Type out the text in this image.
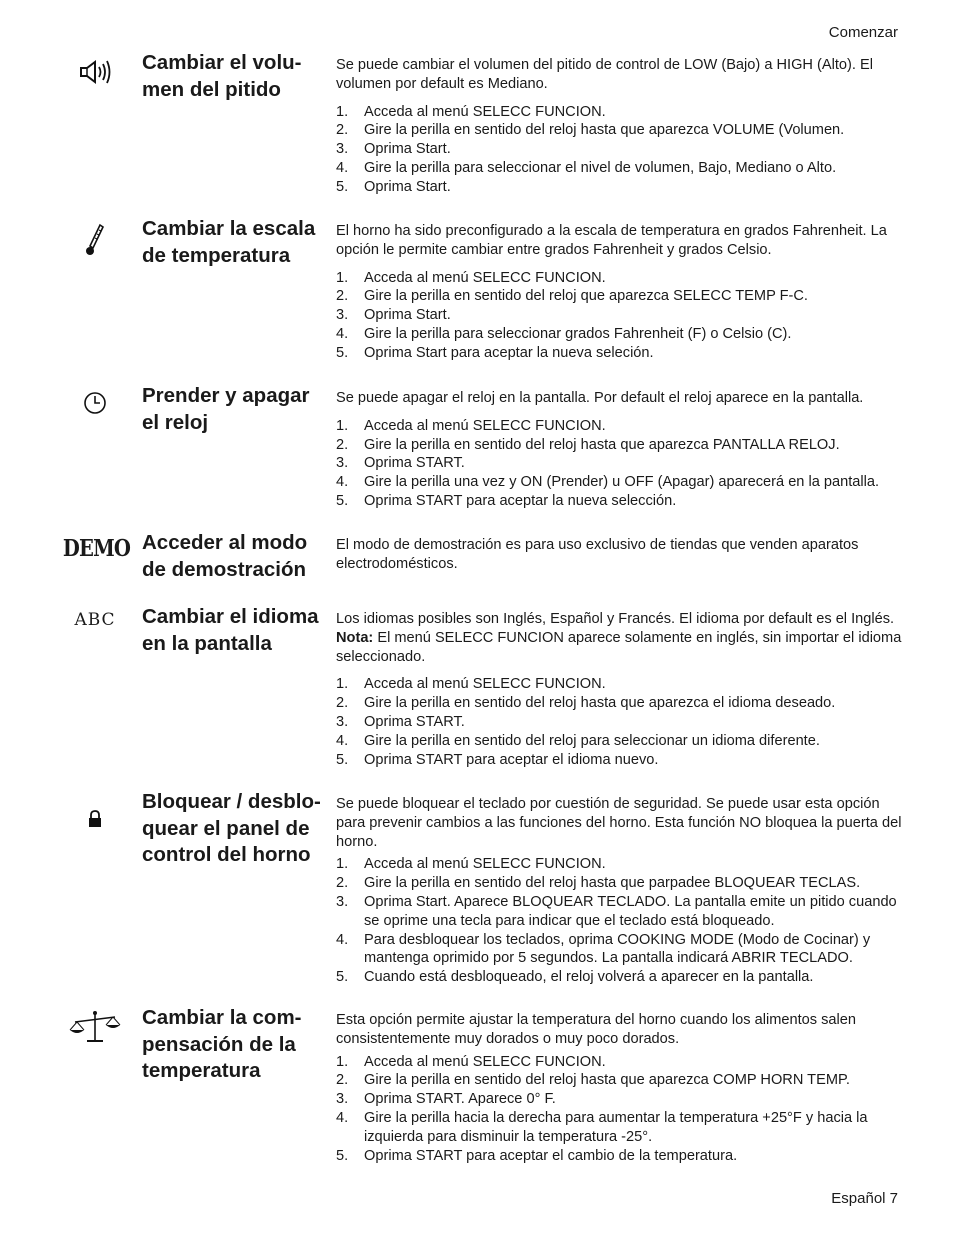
Comenzar
Cambiar el volu-
men del pitido

Se puede cambiar el volumen del pitido de control de LOW (Bajo) a HIGH (Alto). El volumen por default es Mediano.

1. Acceda al menú SELECC FUNCION.
2. Gire la perilla en sentido del reloj hasta que aparezca VOLUME (Volumen.
3. Oprima Start.
4. Gire la perilla para seleccionar el nivel de volumen, Bajo, Mediano o Alto.
5. Oprima Start.
Cambiar la escala
de temperatura

El horno ha sido preconfigurado a la escala de temperatura en grados Fahrenheit. La opción le permite cambiar entre grados Fahrenheit y grados Celsio.

1. Acceda al menú SELECC FUNCION.
2. Gire la perilla en sentido del reloj que aparezca SELECC TEMP F-C.
3. Oprima Start.
4. Gire la perilla para seleccionar grados Fahrenheit (F) o Celsio (C).
5. Oprima Start para aceptar la nueva seleción.
Prender y apagar
el reloj

Se puede apagar el reloj en la pantalla. Por default el reloj aparece en la pantalla.

1. Acceda al menú SELECC FUNCION.
2. Gire la perilla en sentido del reloj hasta que aparezca PANTALLA RELOJ.
3. Oprima START.
4. Gire la perilla una vez y ON (Prender) u OFF (Apagar) aparecerá en la pantalla.
5. Oprima START para aceptar la nueva selección.
DEMO Acceder al modo
de demostración

El modo de demostración es para uso exclusivo de tiendas que venden aparatos electrodomésticos.

ABC Cambiar el idioma
en la pantalla

Los idiomas posibles son Inglés, Español y Francés. El idioma por default es el Inglés. Nota: El menú SELECC FUNCION aparece solamente en inglés, sin importar el idioma seleccionado.

1. Acceda al menú SELECC FUNCION.
2. Gire la perilla en sentido del reloj hasta que aparezca el idioma deseado.
3. Oprima START.
4. Gire la perilla en sentido del reloj para seleccionar un idioma diferente.
5. Oprima START para aceptar el idioma nuevo.
Bloquear / desblo-
quear el panel de
control del horno

Se puede bloquear el teclado por cuestión de seguridad. Se puede usar esta opción para prevenir cambios a las funciones del horno. Esta función NO bloquea la puerta del horno.

1. Acceda al menú SELECC FUNCION.
2. Gire la perilla en sentido del reloj hasta que parpadee BLOQUEAR TECLAS.
3. Oprima Start. Aparece BLOQUEAR TECLADO. La pantalla emite un pitido cuando se oprime una tecla para indicar que el teclado está bloqueado.
4. Para desbloquear los teclados, oprima COOKING MODE (Modo de Cocinar) y mantenga oprimido por 5 segundos. La pantalla indicará ABRIR TECLADO.
5. Cuando está desbloqueado, el reloj volverá a aparecer en la pantalla.
Cambiar la com-
pensación de la
temperatura

Esta opción permite ajustar la temperatura del horno cuando los alimentos salen consistentemente muy dorados o muy poco dorados.

1. Acceda al menú SELECC FUNCION.
2. Gire la perilla en sentido del reloj hasta que aparezca COMP HORN TEMP.
3. Oprima START. Aparece 0° F.
4. Gire la perilla hacia la derecha para aumentar la temperatura +25°F y hacia la izquierda para disminuir la temperatura -25°.
5. Oprima START para aceptar el cambio de la temperatura.
Español 7
